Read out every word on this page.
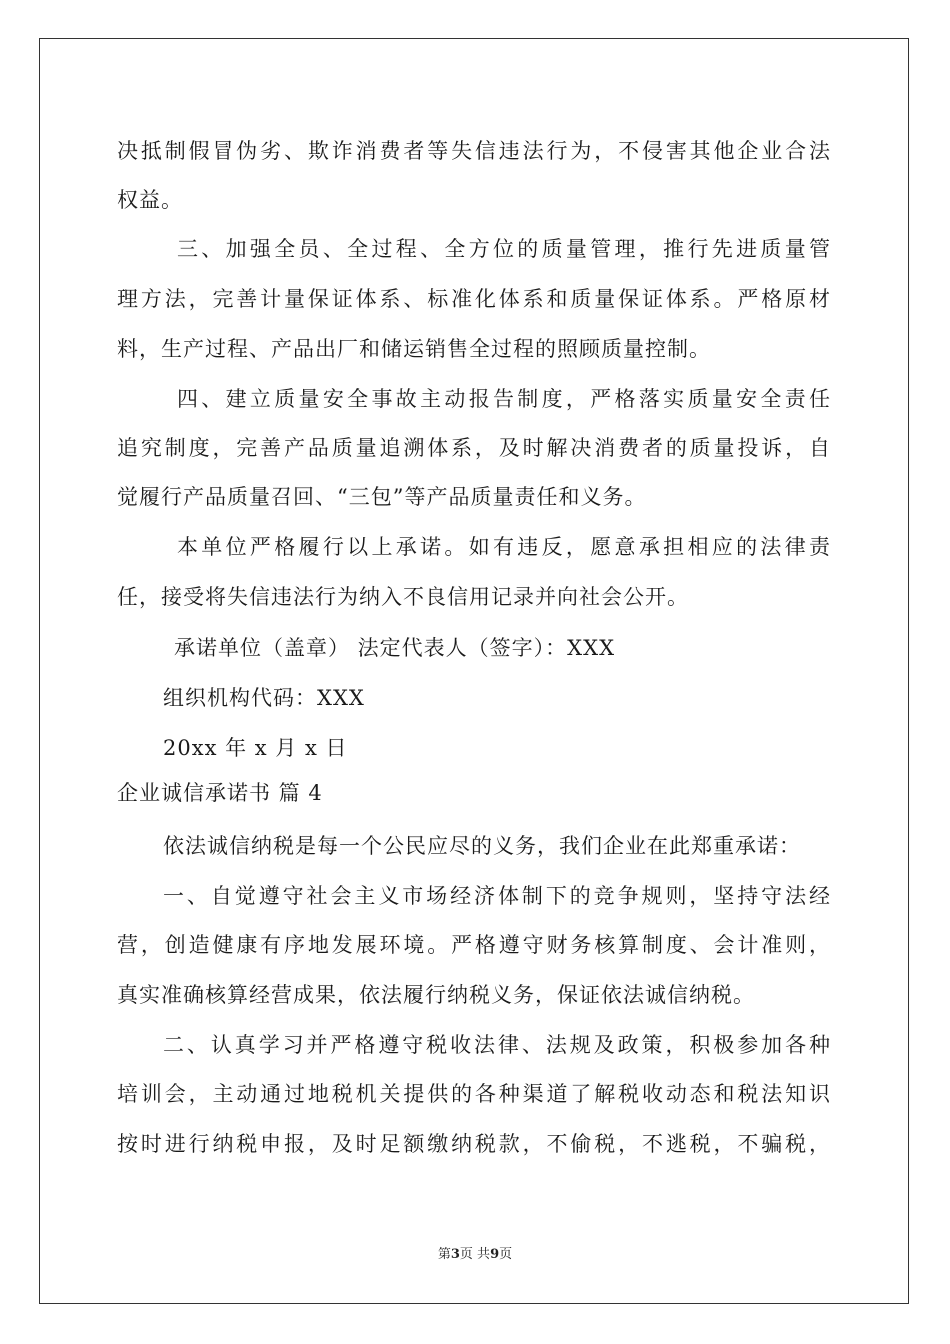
决抵制假冒伪劣、欺诈消费者等失信违法行为，不侵害其他企业合法
权益。
三、加强全员、全过程、全方位的质量管理，推行先进质量管
理方法，完善计量保证体系、标准化体系和质量保证体系。严格原材
料，生产过程、产品出厂和储运销售全过程的照顾质量控制。
四、建立质量安全事故主动报告制度，严格落实质量安全责任
追究制度，完善产品质量追溯体系，及时解决消费者的质量投诉，自
觉履行产品质量召回、“三包”等产品质量责任和义务。
本单位严格履行以上承诺。如有违反，愿意承担相应的法律责
任，接受将失信违法行为纳入不良信用记录并向社会公开。
承诺单位（盖章） 法定代表人（签字）：XXX
组织机构代码：XXX
20xx 年 x 月 x 日
企业诚信承诺书 篇 4
依法诚信纳税是每一个公民应尽的义务，我们企业在此郑重承诺：
一、自觉遵守社会主义市场经济体制下的竞争规则，坚持守法经
营，创造健康有序地发展环境。严格遵守财务核算制度、会计准则，
真实准确核算经营成果，依法履行纳税义务，保证依法诚信纳税。
二、认真学习并严格遵守税收法律、法规及政策，积极参加各种
培训会，主动通过地税机关提供的各种渠道了解税收动态和税法知识
按时进行纳税申报，及时足额缴纳税款，不偷税，不逃税，不骗税，
第3页 共9页
